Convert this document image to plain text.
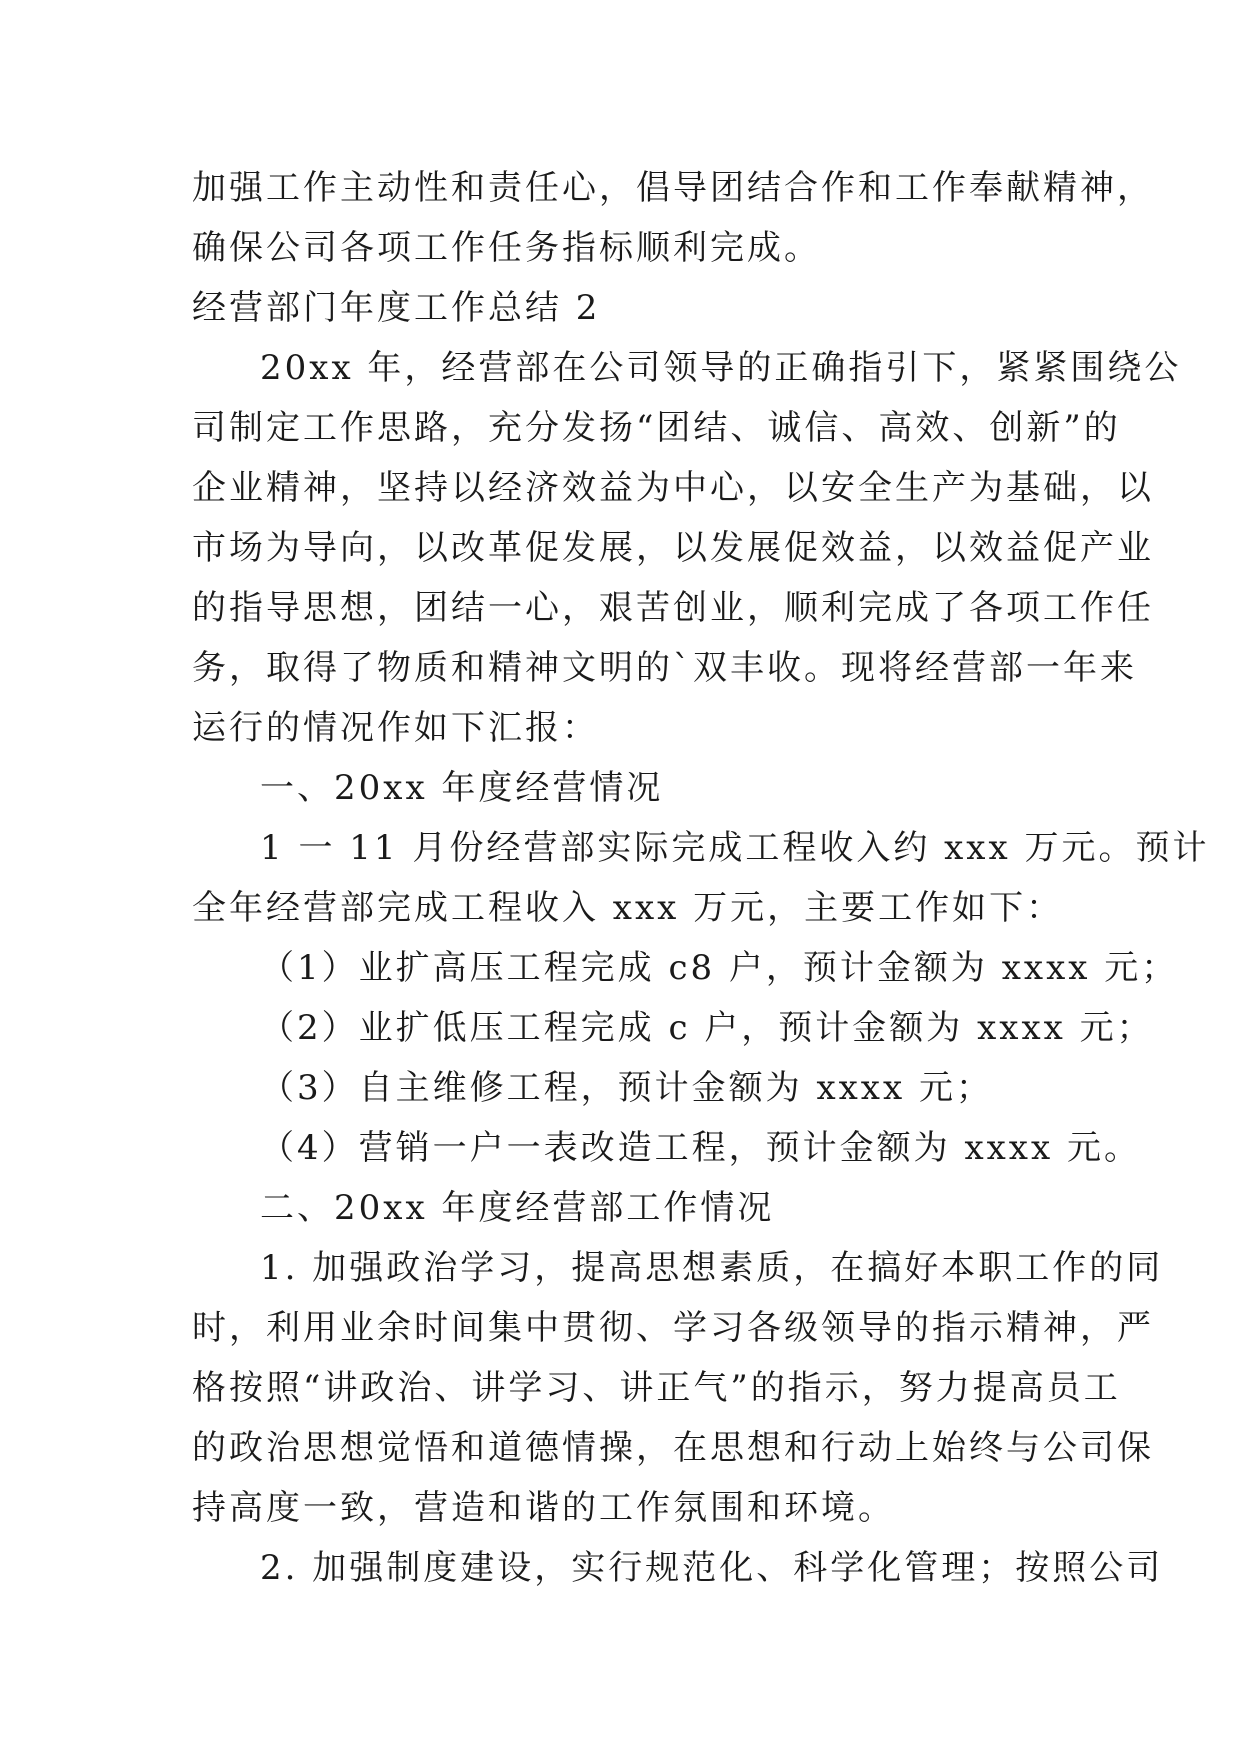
加强工作主动性和责任心，倡导团结合作和工作奉献精神，
确保公司各项工作任务指标顺利完成。
经营部门年度工作总结 2
20xx 年，经营部在公司领导的正确指引下，紧紧围绕公
司制定工作思路，充分发扬“团结、诚信、高效、创新”的
企业精神，坚持以经济效益为中心，以安全生产为基础，以
市场为导向，以改革促发展，以发展促效益，以效益促产业
的指导思想，团结一心，艰苦创业，顺利完成了各项工作任
务，取得了物质和精神文明的`双丰收。现将经营部一年来
运行的情况作如下汇报：
一、20xx 年度经营情况
1 一 11 月份经营部实际完成工程收入约 xxx 万元。预计
全年经营部完成工程收入 xxx 万元，主要工作如下：
（1）业扩高压工程完成 c8 户，预计金额为 xxxx 元；
（2）业扩低压工程完成 c 户，预计金额为 xxxx 元；
（3）自主维修工程，预计金额为 xxxx 元；
（4）营销一户一表改造工程，预计金额为 xxxx 元。
二、20xx 年度经营部工作情况
1. 加强政治学习，提高思想素质，在搞好本职工作的同
时，利用业余时间集中贯彻、学习各级领导的指示精神，严
格按照“讲政治、讲学习、讲正气”的指示，努力提高员工
的政治思想觉悟和道德情操，在思想和行动上始终与公司保
持高度一致，营造和谐的工作氛围和环境。
2. 加强制度建设，实行规范化、科学化管理；按照公司
